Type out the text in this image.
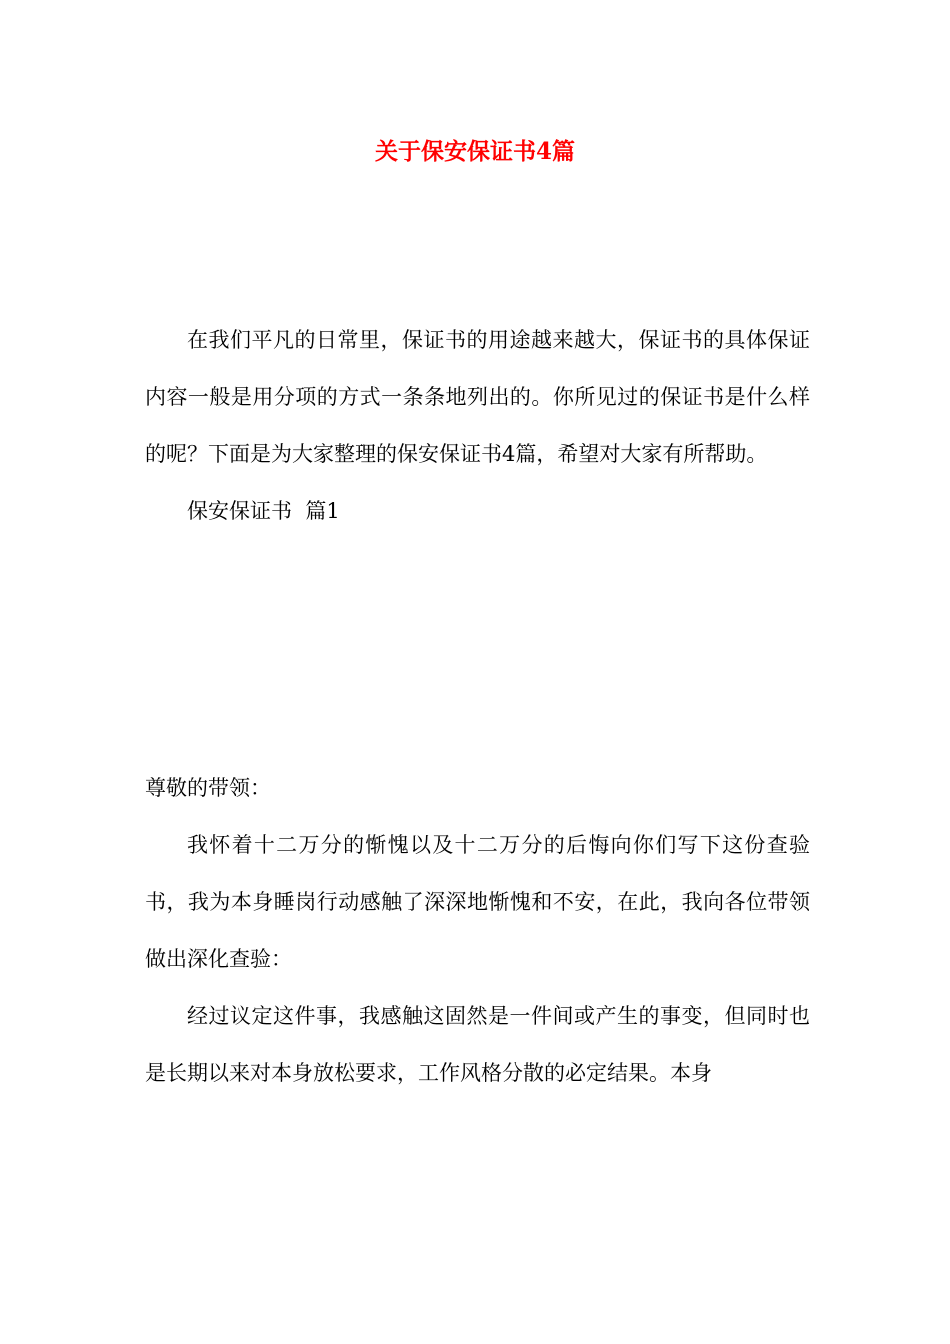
关于保安保证书4篇

在我们平凡的日常里，保证书的用途越来越大，保证书的具体保证内容一般是用分项的方式一条条地列出的。你所见过的保证书是什么样的呢？下面是为大家整理的保安保证书4篇，希望对大家有所帮助。

保安保证书  篇1

尊敬的带领：

我怀着十二万分的惭愧以及十二万分的后悔向你们写下这份查验书，我为本身睡岗行动感触了深深地惭愧和不安，在此，我向各位带领做出深化查验：

经过议定这件事，我感触这固然是一件间或产生的事变，但同时也是长期以来对本身放松要求，工作风格分散的必定结果。本身
